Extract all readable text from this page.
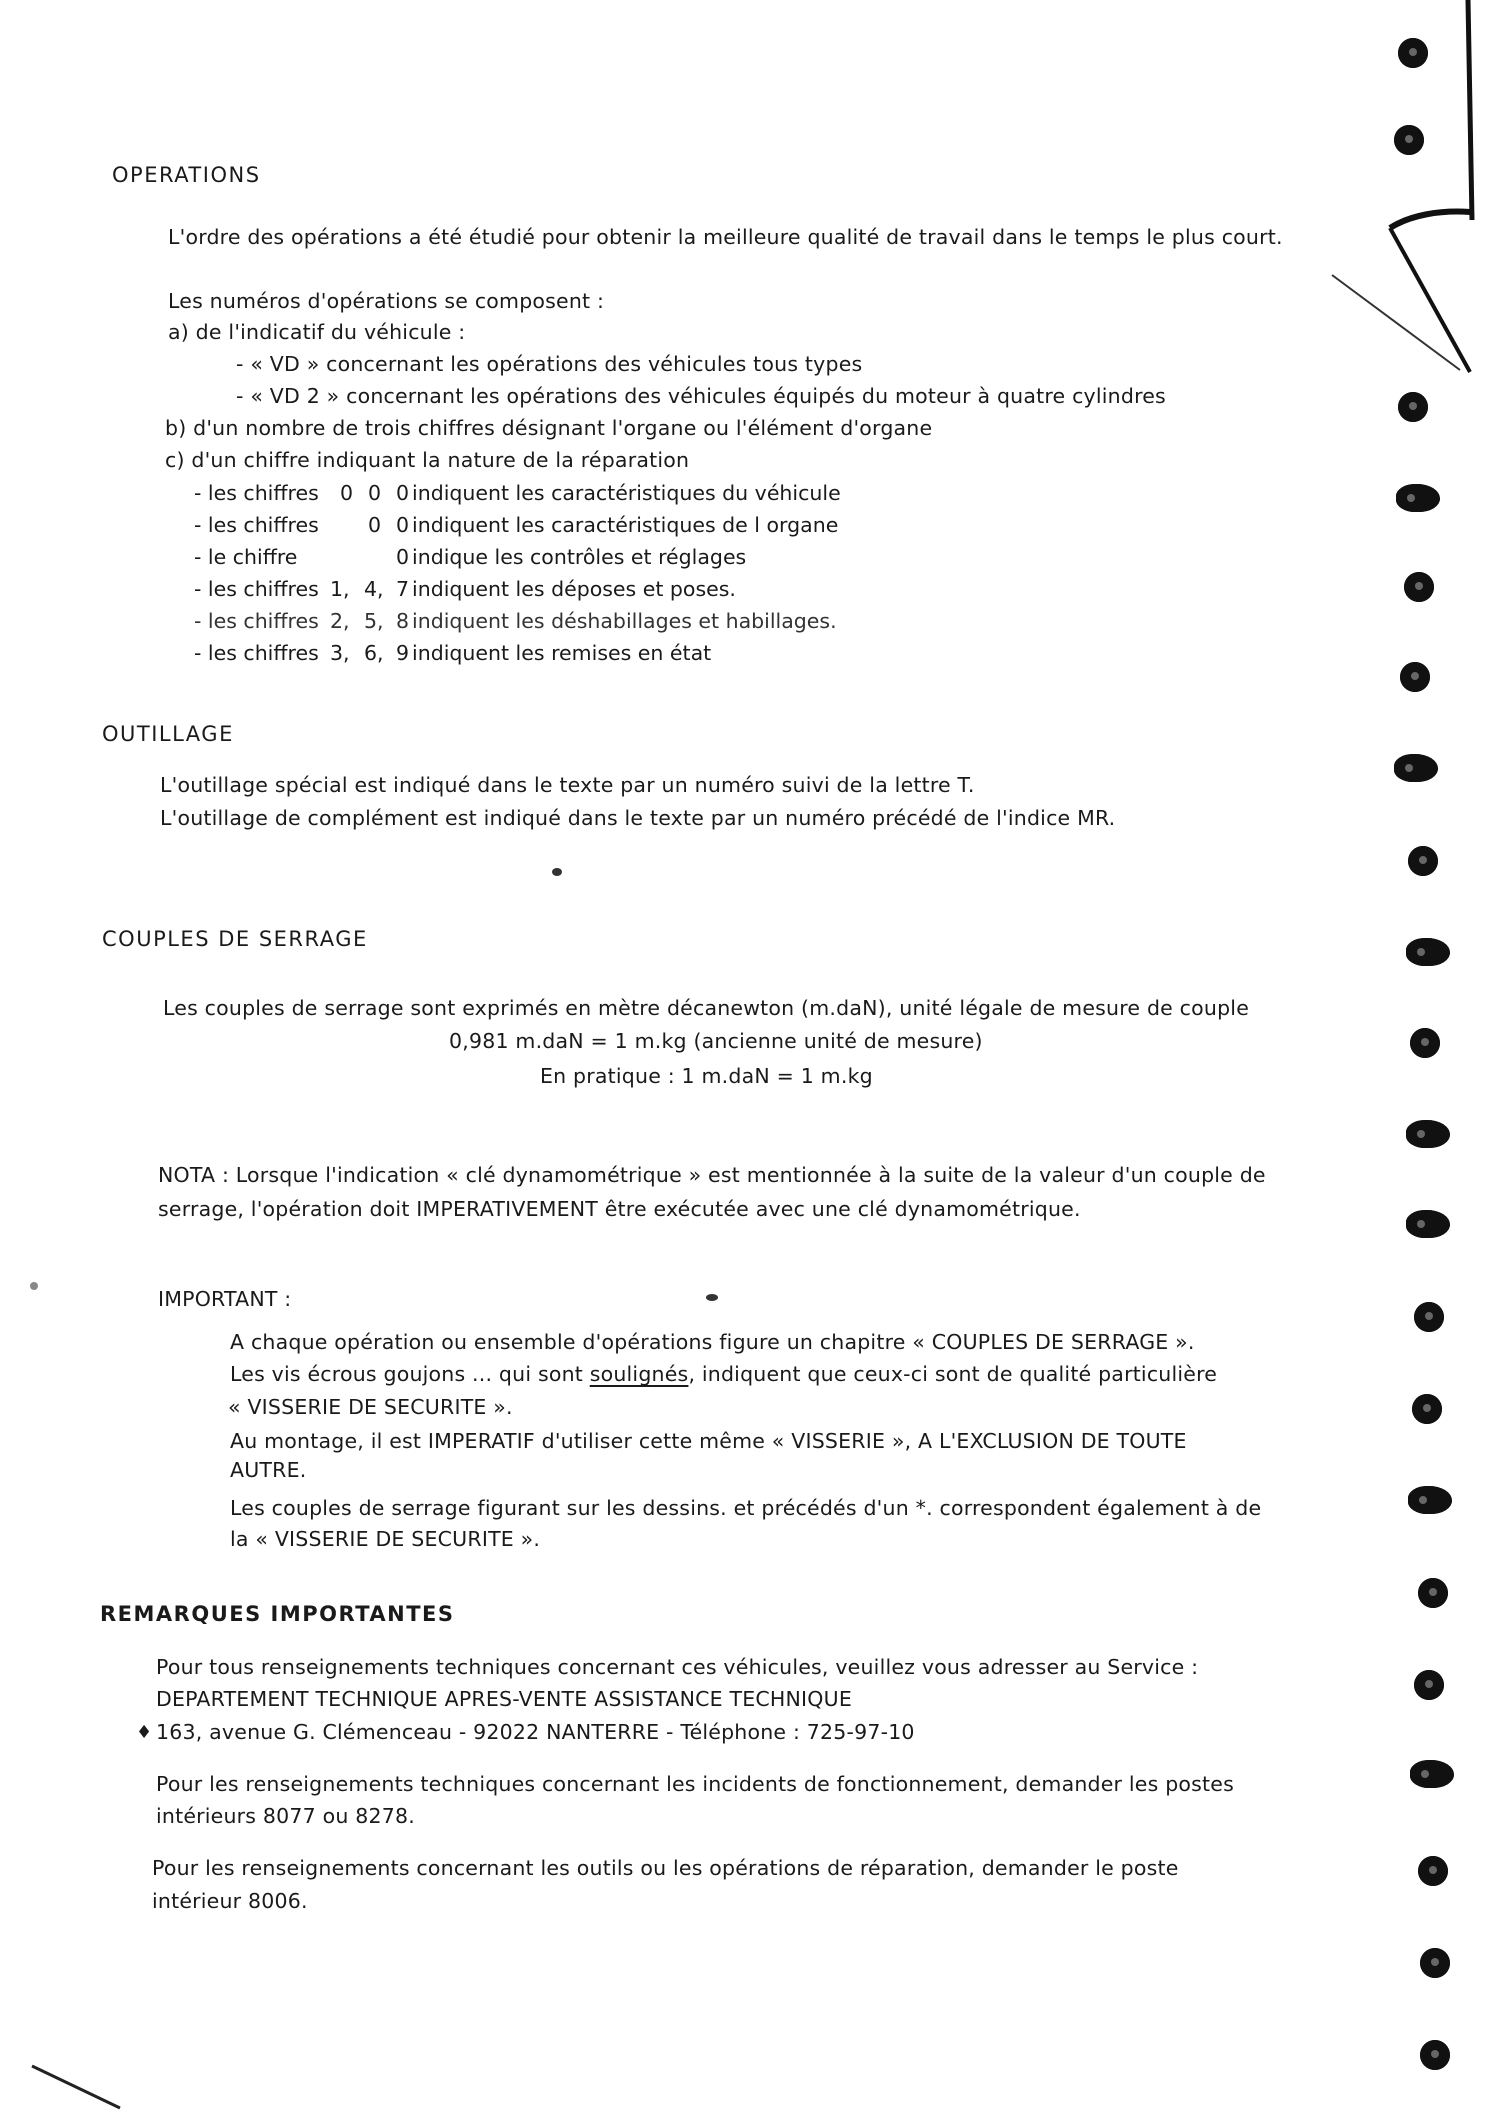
OPERATIONS
L'ordre des opérations a été étudié pour obtenir la meilleure qualité de travail dans le temps le plus court.
Les numéros d'opérations se composent :
a) de l'indicatif du véhicule :
- « VD » concernant les opérations des véhicules tous types
- « VD 2 » concernant les opérations des véhicules équipés du moteur à quatre cylindres
b) d'un nombre de trois chiffres désignant l'organe ou l'élément d'organe
c) d'un chiffre indiquant la nature de la réparation
- les chiffres 0 0 0 indiquent les caractéristiques du véhicule
- les chiffres 0 0 indiquent les caractéristiques de l organe
- le chiffre	0 indique les contrôles et réglages
- les chiffres 1, 4, 7 indiquent les déposes et poses.
- les chiffres 2, 5, 8 indiquent les déshabillages et habillages.
- les chiffres 3, 6, 9 indiquent les remises en état
OUTILLAGE
L'outillage spécial est indiqué dans le texte par un numéro suivi de la lettre T.
L'outillage de complément est indiqué dans le texte par un numéro précédé de l'indice MR.
COUPLES DE SERRAGE
Les couples de serrage sont exprimés en mètre décanewton (m.daN), unité légale de mesure de couple
0,981 m.daN = 1 m.kg (ancienne unité de mesure)
En pratique : 1 m.daN = 1 m.kg
NOTA : Lorsque l'indication « clé dynamométrique » est mentionnée à la suite de la valeur d'un couple de
serrage, l'opération doit IMPERATIVEMENT être exécutée avec une clé dynamométrique.
IMPORTANT :
A chaque opération ou ensemble d'opérations figure un chapitre « COUPLES DE SERRAGE ».
Les vis écrous goujons ... qui sont soulignés, indiquent que ceux-ci sont de qualité particulière
« VISSERIE DE SECURITE ».
Au montage, il est IMPERATIF d'utiliser cette même « VISSERIE », A L'EXCLUSION DE TOUTE
AUTRE.
Les couples de serrage figurant sur les dessins. et précédés d'un *. correspondent également à de
la « VISSERIE DE SECURITE ».
REMARQUES IMPORTANTES
Pour tous renseignements techniques concernant ces véhicules, veuillez vous adresser au Service :
DEPARTEMENT TECHNIQUE APRES-VENTE ASSISTANCE TECHNIQUE
♦ 163, avenue G. Clémenceau - 92022 NANTERRE - Téléphone : 725-97-10
Pour les renseignements techniques concernant les incidents de fonctionnement, demander les postes
intérieurs 8077 ou 8278.
Pour les renseignements concernant les outils ou les opérations de réparation, demander le poste
intérieur 8006.
